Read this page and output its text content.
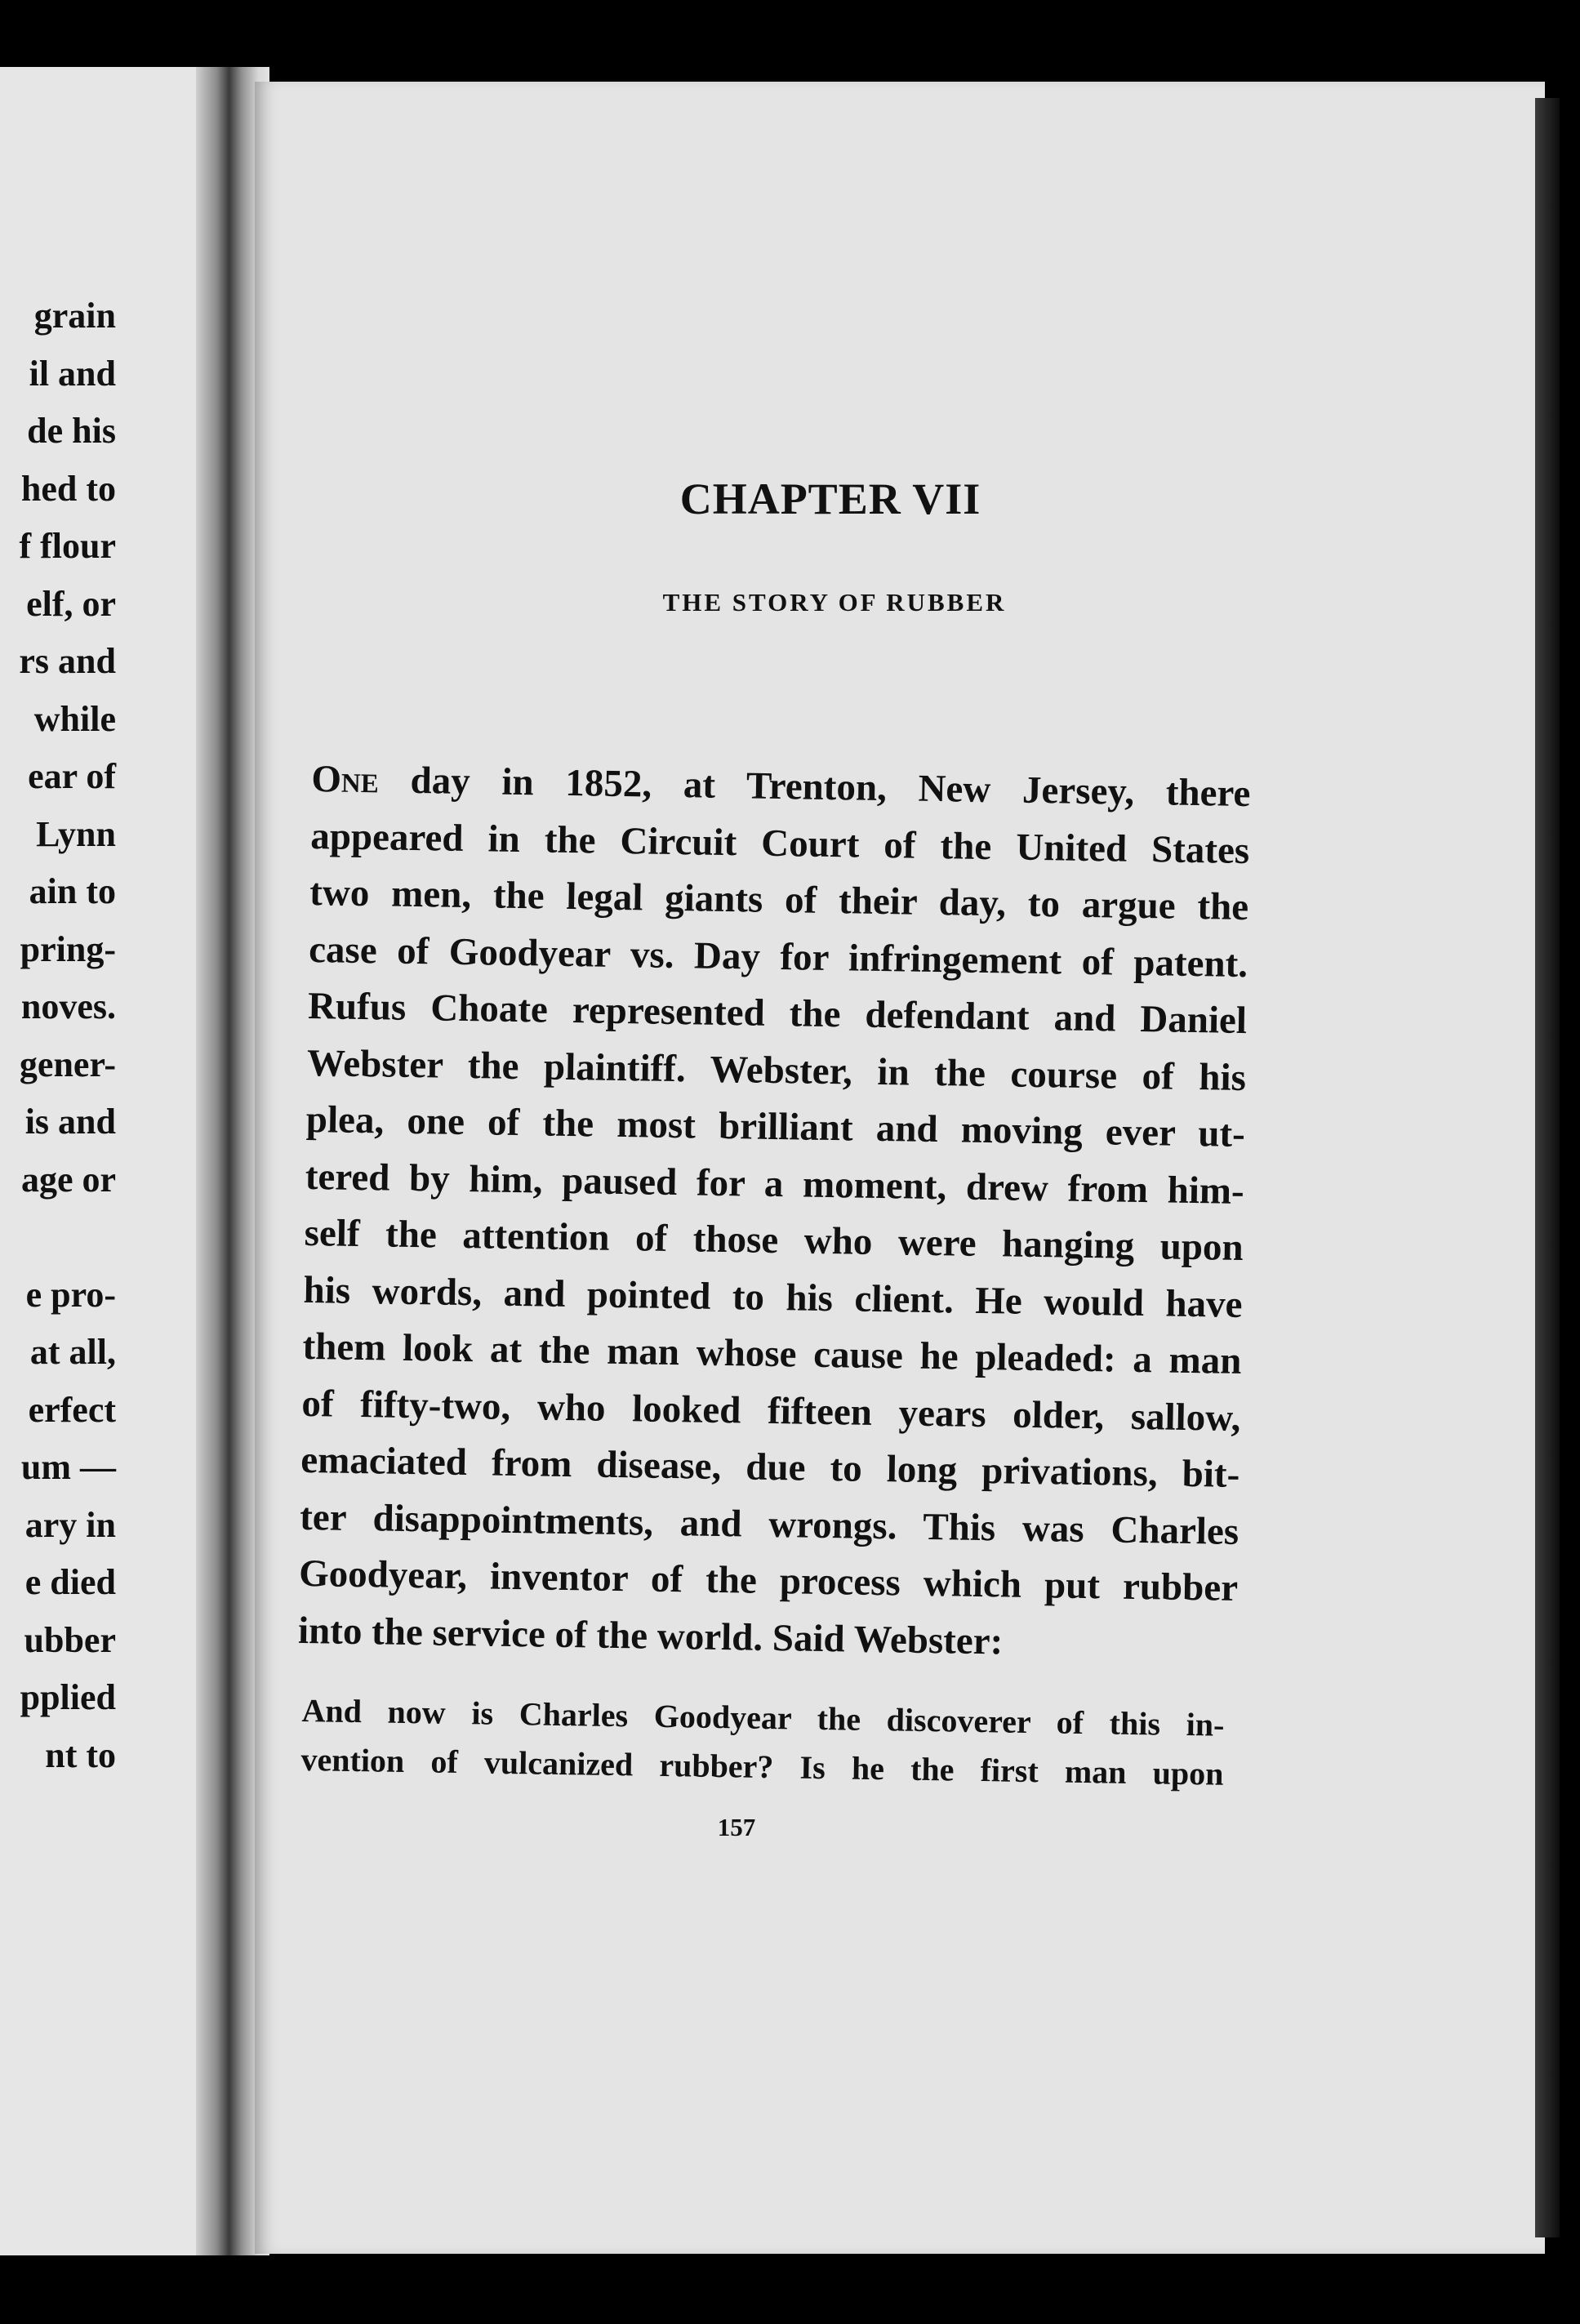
grain
il and
de his
hed to
f flour
elf, or
rs and
while
ear of
Lynn
ain to
pring-
noves.
gener-
is and
age or
e pro-
at all,
erfect
um —
ary in
e died
ubber
pplied
nt to
CHAPTER VII
THE STORY OF RUBBER
One day in 1852, at Trenton, New Jersey, there
appeared in the Circuit Court of the United States
two men, the legal giants of their day, to argue the
case of Goodyear vs. Day for infringement of patent.
Rufus Choate represented the defendant and Daniel
Webster the plaintiff. Webster, in the course of his
plea, one of the most brilliant and moving ever ut-
tered by him, paused for a moment, drew from him-
self the attention of those who were hanging upon
his words, and pointed to his client. He would have
them look at the man whose cause he pleaded: a man
of fifty-two, who looked fifteen years older, sallow,
emaciated from disease, due to long privations, bit-
ter disappointments, and wrongs. This was Charles
Goodyear, inventor of the process which put rubber
into the service of the world. Said Webster:
And now is Charles Goodyear the discoverer of this in-
vention of vulcanized rubber? Is he the first man upon
157
